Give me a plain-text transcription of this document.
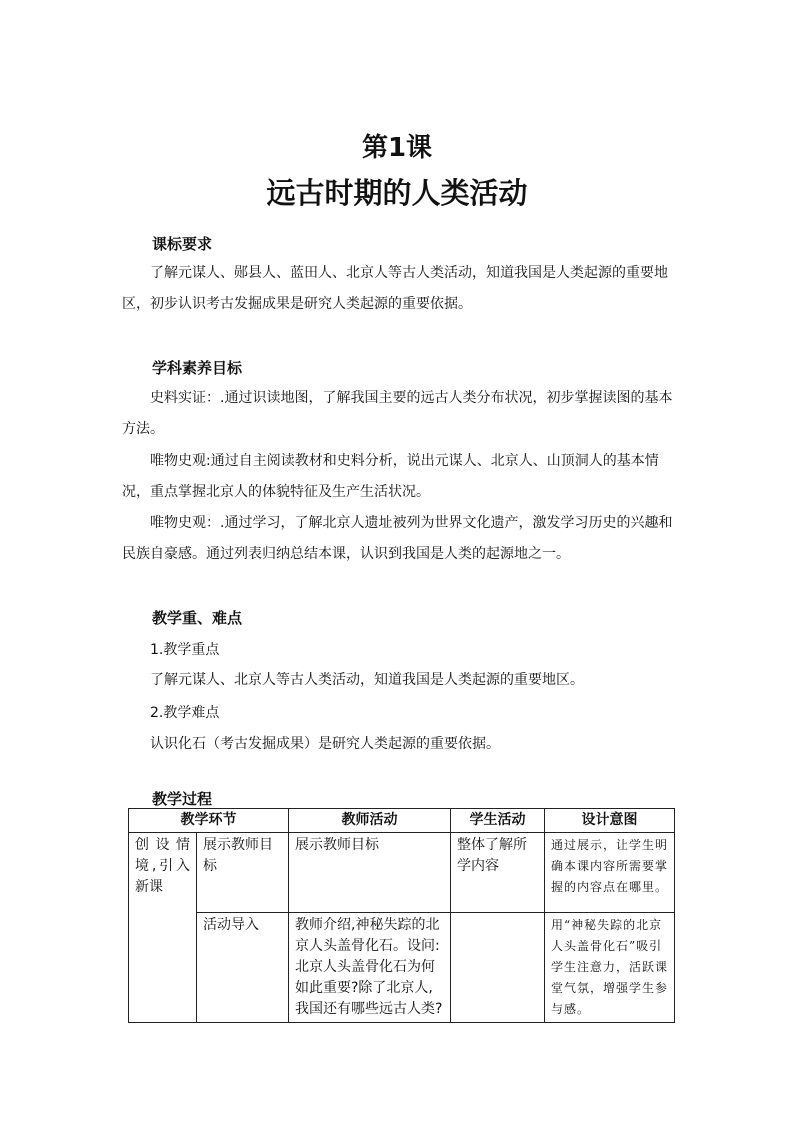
第1课
远古时期的人类活动
课标要求
了解元谋人、郧县人、蓝田人、北京人等古人类活动，知道我国是人类起源的重要地区，初步认识考古发掘成果是研究人类起源的重要依据。
学科素养目标
史料实证：.通过识读地图，了解我国主要的远古人类分布状况，初步掌握读图的基本方法。
唯物史观:通过自主阅读教材和史料分析，说出元谋人、北京人、山顶洞人的基本情况，重点掌握北京人的体貌特征及生产生活状况。
唯物史观：.通过学习，了解北京人遗址被列为世界文化遗产，激发学习历史的兴趣和民族自豪感。通过列表归纳总结本课，认识到我国是人类的起源地之一。
教学重、难点
1.教学重点
了解元谋人、北京人等古人类活动，知道我国是人类起源的重要地区。
2.教学难点
认识化石（考古发掘成果）是研究人类起源的重要依据。
教学过程
教学环节		教师活动	学生活动	设计意图
创设情境,引入新课	展示教师目标	展示教师目标	整体了解所学内容	通过展示，让学生明确本课内容所需要掌握的内容点在哪里。
	活动导入	教师介绍,神秘失踪的北京人头盖骨化石。设问:北京人头盖骨化石为何如此重要?除了北京人,我国还有哪些远古人类?		用“神秘失踪的北京人头盖骨化石”吸引学生注意力，活跃课堂气氛，增强学生参与感。
